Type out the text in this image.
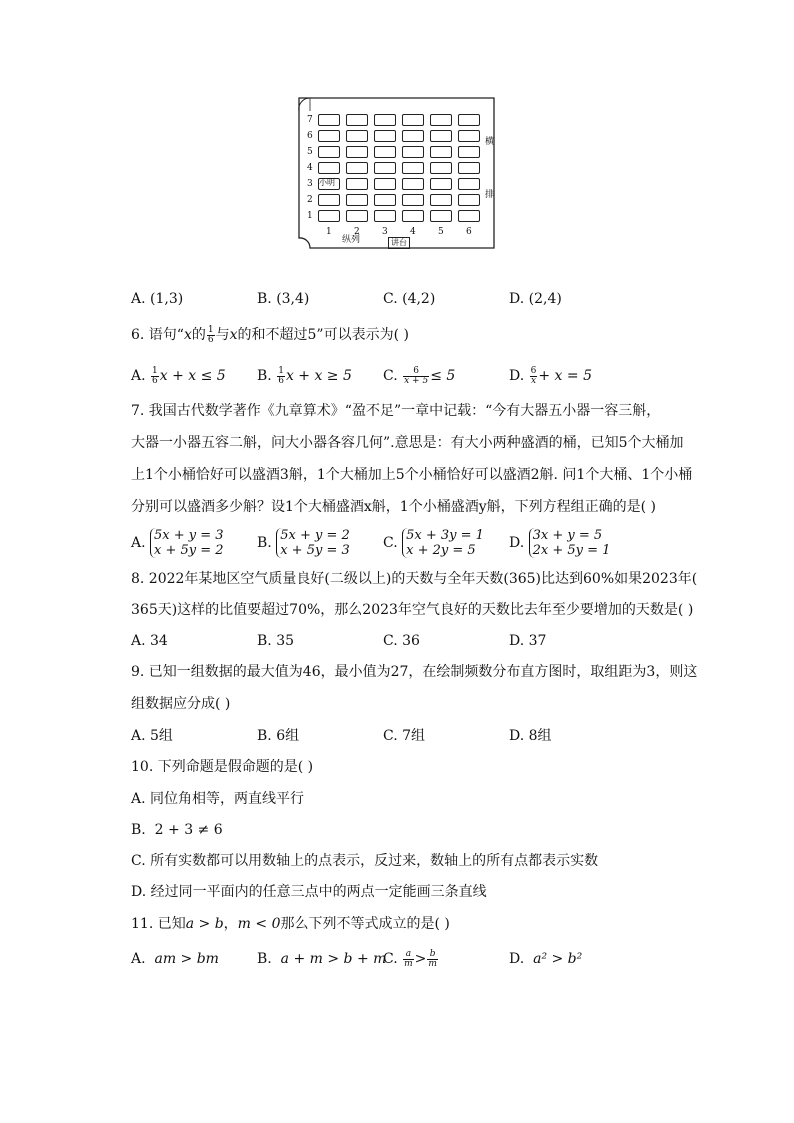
7
6
5
4
3 小明
2
1
1 2 3 4 5 6
纵列	讲台
横
排
A. (1,3)	B. (3,4)	C. (4,2)	D. (2,4)
6. 语句“x的 $\frac{1}{6}$ 与x的和不超过5”可以表示为( )
A. $\frac{1}{6}$ x + x ≤ 5 B. $\frac{1}{6}$ x + x ≥ 5 C. $\frac{6}{x + 5} \le 5$	D. $\frac{6}{x} + x = 5$
7. 我国古代数学著作《九章算术》“盈不足”一章中记载：“今有大器五小器一容三斛，
大器一小器五容二斛，问大小器各容几何”.意思是：有大小两种盛酒的桶，已知5个大桶加
上1个小桶恰好可以盛酒3斛，1个大桶加上5个小桶恰好可以盛酒2斛. 问1个大桶、1个小桶
分别可以盛酒多少斛？设1个大桶盛酒x斛，1个小桶盛酒y斛，下列方程组正确的是( )
A. 5x + y = 3
x + 5y = 2 B. 5x + y = 2
x + 5y = 3 C. 5x + 3y = 1
x + 2y = 5	D. 3x + y = 5
2x + 5y = 1
8. 2022年某地区空气质量良好(二级以上)的天数与全年天数(365)比达到60%如果2023年(
365天)这样的比值要超过70%，那么2023年空气良好的天数比去年至少要增加的天数是( )
A. 34	B. 35	C. 36	D. 37
9. 已知一组数据的最大值为46，最小值为27，在绘制频数分布直方图时，取组距为3，则这
组数据应分成( )
A. 5组	B. 6组	C. 7组	D. 8组
10. 下列命题是假命题的是( )
A. 同位角相等，两直线平行
B. 2 + 3 ≠ 6
C. 所有实数都可以用数轴上的点表示，反过来，数轴上的所有点都表示实数
D. 经过同一平面内的任意三点中的两点一定能画三条直线
11. 已知a > b，m < 0那么下列不等式成立的是( )
A. am > bm	B. a + m > b + m
C. $\frac{a}{m} > \frac{b}{m}$	D. a² > b²
